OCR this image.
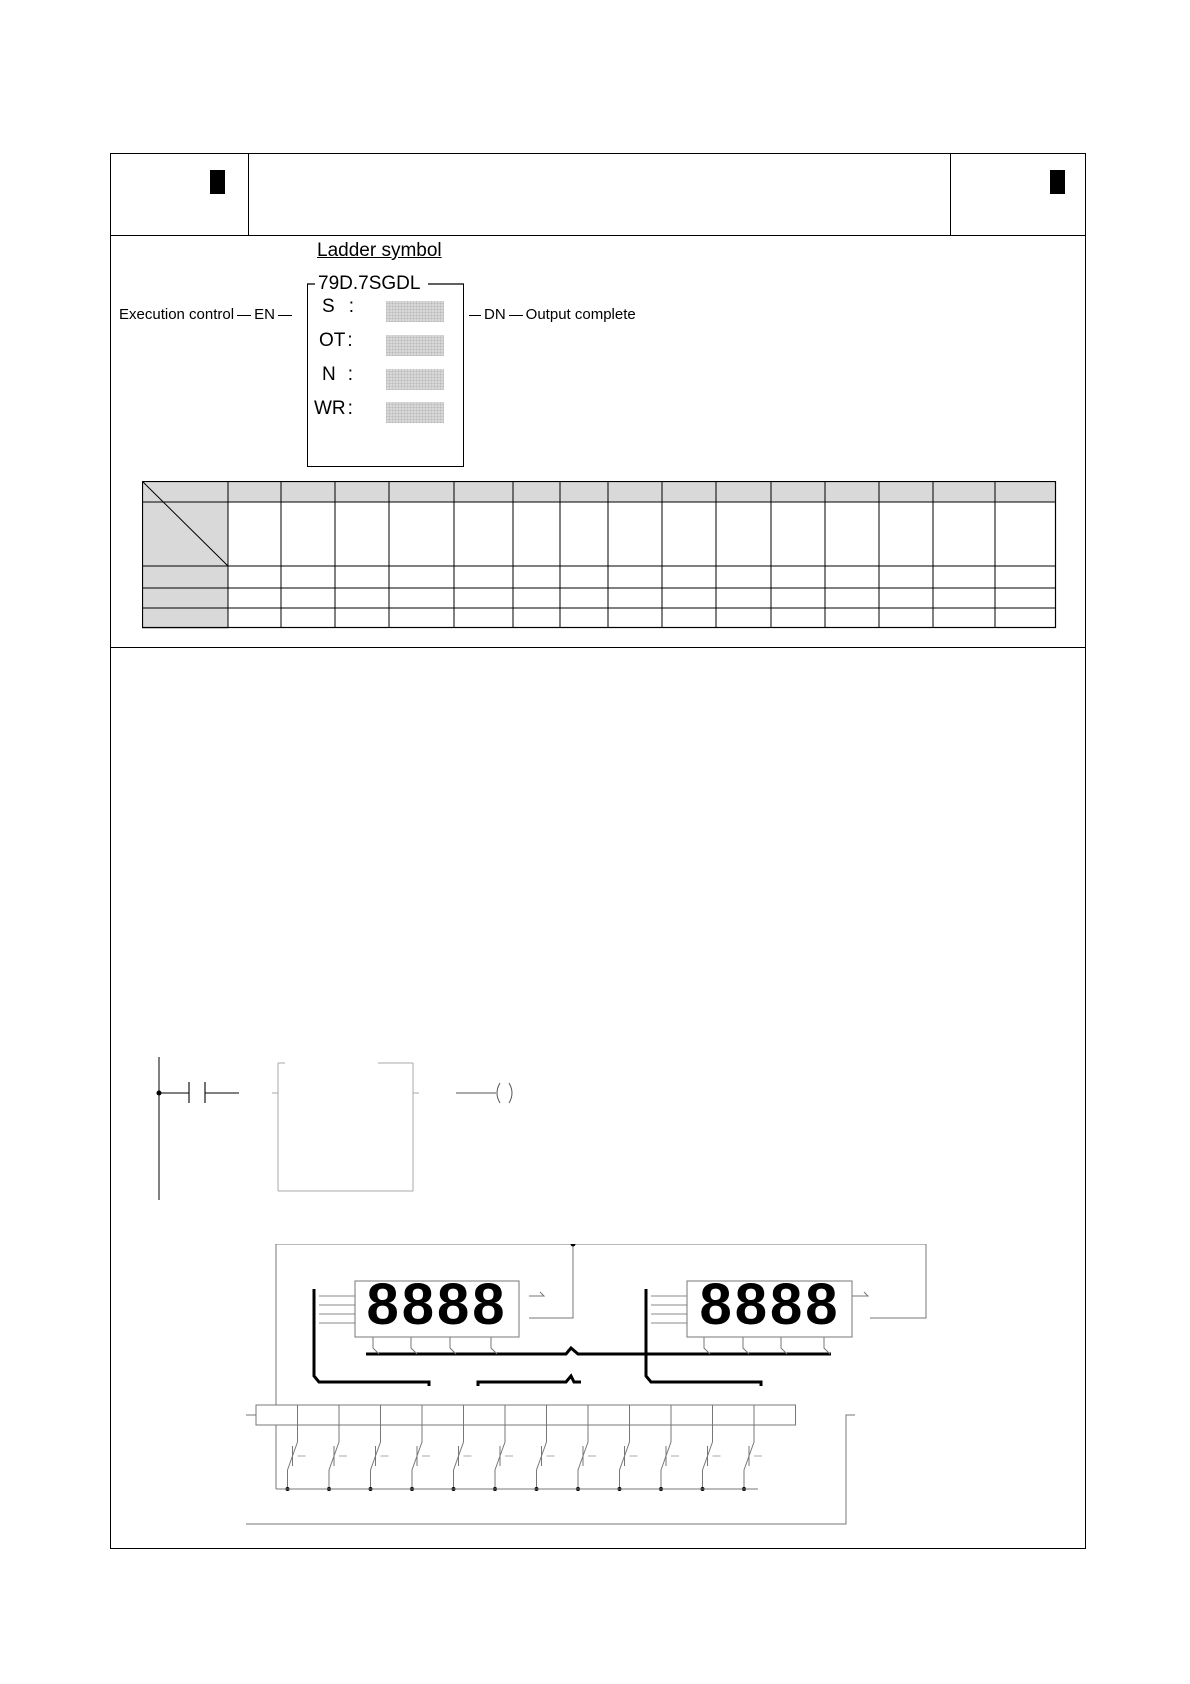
Ladder symbol
79D.7SGDL
S :
OT :
N :
WR :
Execution control EN	DN Output complete
8888	8888
